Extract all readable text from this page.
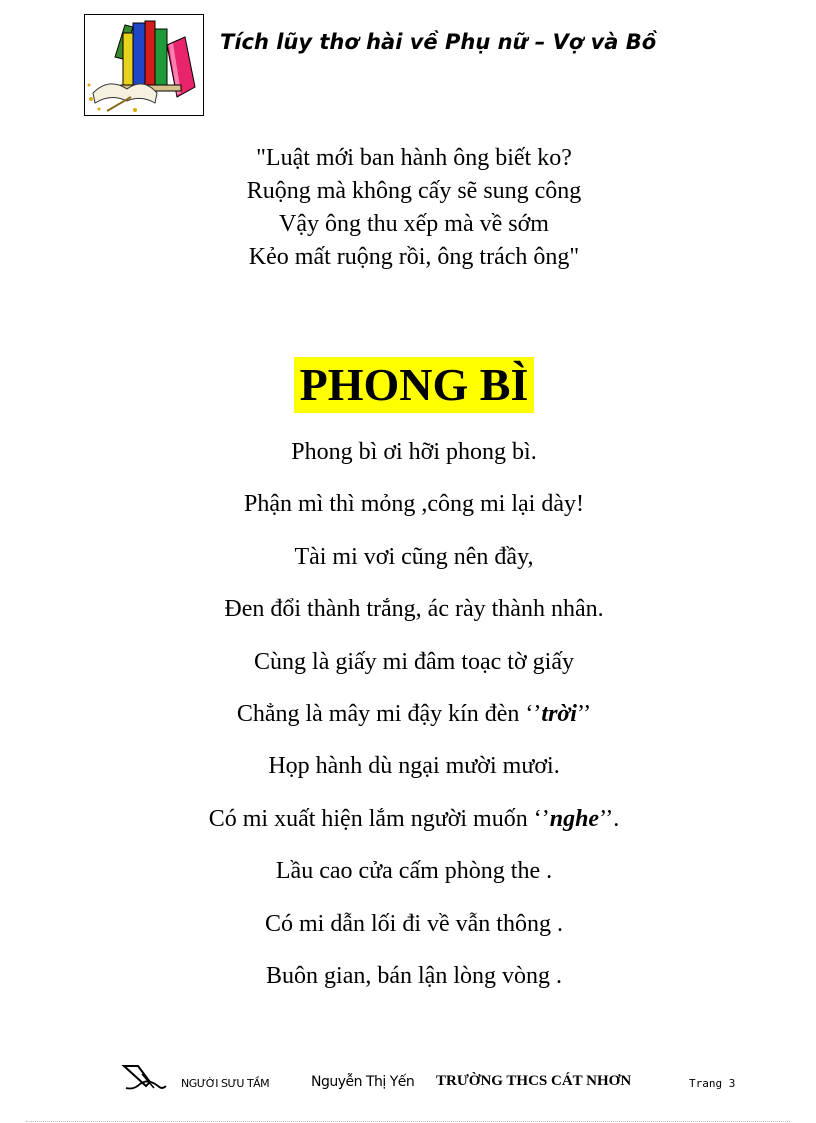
Tích lũy thơ hài về Phụ nữ – Vợ và Bồ
"Luật mới ban hành ông biết ko?
Ruộng mà không cấy sẽ sung công
Vậy ông thu xếp mà về sớm
Kẻo mất ruộng rồi, ông trách ông"
PHONG BÌ
Phong bì ơi hỡi phong bì.
Phận mì thì mỏng ,công mi lại dày!
Tài mi vơi cũng nên đầy,
Đen đổi thành trắng, ác rày thành nhân.
Cùng là giấy mi đâm toạc tờ giấy
Chẳng là mây mi đậy kín đèn ‘’trời’’
Họp hành dù ngại mười mươi.
Có mi xuất hiện lắm người muốn ‘’nghe’’.
Lầu cao cửa cấm phòng the .
Có mi dẫn lối đi về vẫn thông .
Buôn gian, bán lận lòng vòng .
NGƯỜI SƯU TẦM	Nguyễn Thị Yến TRƯỜNG THCS CÁT NHƠN	Trang 3
